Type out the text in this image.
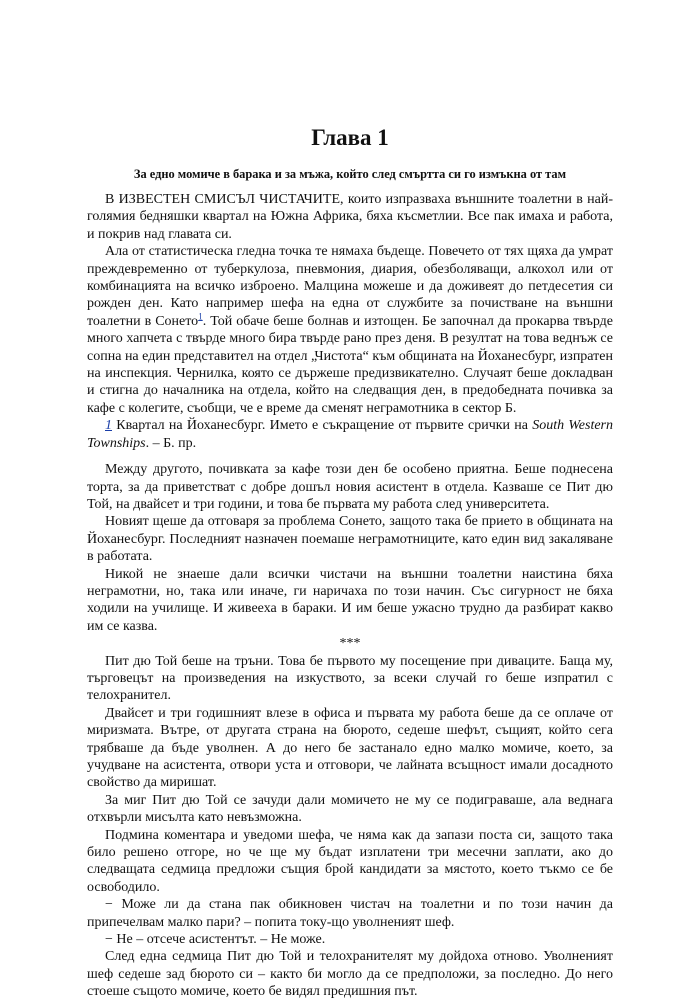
Глава 1
За едно момиче в барака и за мъжа, който след смъртта си го измъкна от там

В ИЗВЕСТЕН СМИСЪЛ ЧИСТАЧИТЕ, които изпразваха външните тоалетни в най-голямия бедняшки квартал на Южна Африка, бяха късметлии. Все пак имаха и работа, и покрив над главата си.

Ала от статистическа гледна точка те нямаха бъдеще. Повечето от тях щяха да умрат преждевременно от туберкулоза, пневмония, диария, обезболяващи, алкохол или от комбинацията на всичко изброено. Малцина можеше и да доживеят до петдесетия си рожден ден. Като например шефа на една от службите за почистване на външни тоалетни в Сонето$^1$. Той обаче беше болнав и изтощен. Бе започнал да прокарва твърде много хапчета с твърде много бира твърде рано през деня. В резултат на това веднъж се сопна на един представител на отдел „Чистота“ към общината на Йоханесбург, изпратен на инспекция. Чернилка, която се държеше предизвикателно. Случаят беше докладван и стигна до началника на отдела, който на следващия ден, в предобедната почивка за кафе с колегите, съобщи, че е време да сменят неграмотника в сектор Б.

1 Квартал на Йоханесбург. Името е съкращение от първите срички на South Western Townships. – Б. пр.

Между другото, почивката за кафе този ден бе особено приятна. Беше поднесена торта, за да приветстват с добре дошъл новия асистент в отдела. Казваше се Пит дю Той, на двайсет и три години, и това бе първата му работа след университета.

Новият щеше да отговаря за проблема Сонето, защото така бе прието в общината на Йоханесбург. Последният назначен поемаше неграмотниците, като един вид закаляване в работата.

Никой не знаеше дали всички чистачи на външни тоалетни наистина бяха неграмотни, но, така или иначе, ги наричаха по този начин. Със сигурност не бяха ходили на училище. И живееха в бараки. И им беше ужасно трудно да разбират какво им се казва.

***

Пит дю Той беше на тръни. Това бе първото му посещение при диваците. Баща му, търговецът на произведения на изкуството, за всеки случай го беше изпратил с телохранител.

Двайсет и три годишният влезе в офиса и първата му работа беше да се оплаче от миризмата. Вътре, от другата страна на бюрото, седеше шефът, същият, който сега трябваше да бъде уволнен. А до него бе застанало едно малко момиче, което, за учудване на асистента, отвори уста и отговори, че лайната всъщност имали досадното свойство да миришат.

За миг Пит дю Той се зачуди дали момичето не му се подиграваше, ала веднага отхвърли мисълта като невъзможна.

Подмина коментара и уведоми шефа, че няма как да запази поста си, защото така било решено отгоре, но че ще му бъдат изплатени три месечни заплати, ако до следващата седмица предложи същия брой кандидати за мястото, което тъкмо се бе освободило.

− Може ли да стана пак обикновен чистач на тоалетни и по този начин да припечелвам малко пари? – попита току-що уволненият шеф.

− Не – отсече асистентът. – Не може.

След една седмица Пит дю Той и телохранителят му дойдоха отново. Уволненият шеф седеше зад бюрото си – както би могло да се предположи, за последно. До него стоеше същото момиче, което бе видял предишния път.
